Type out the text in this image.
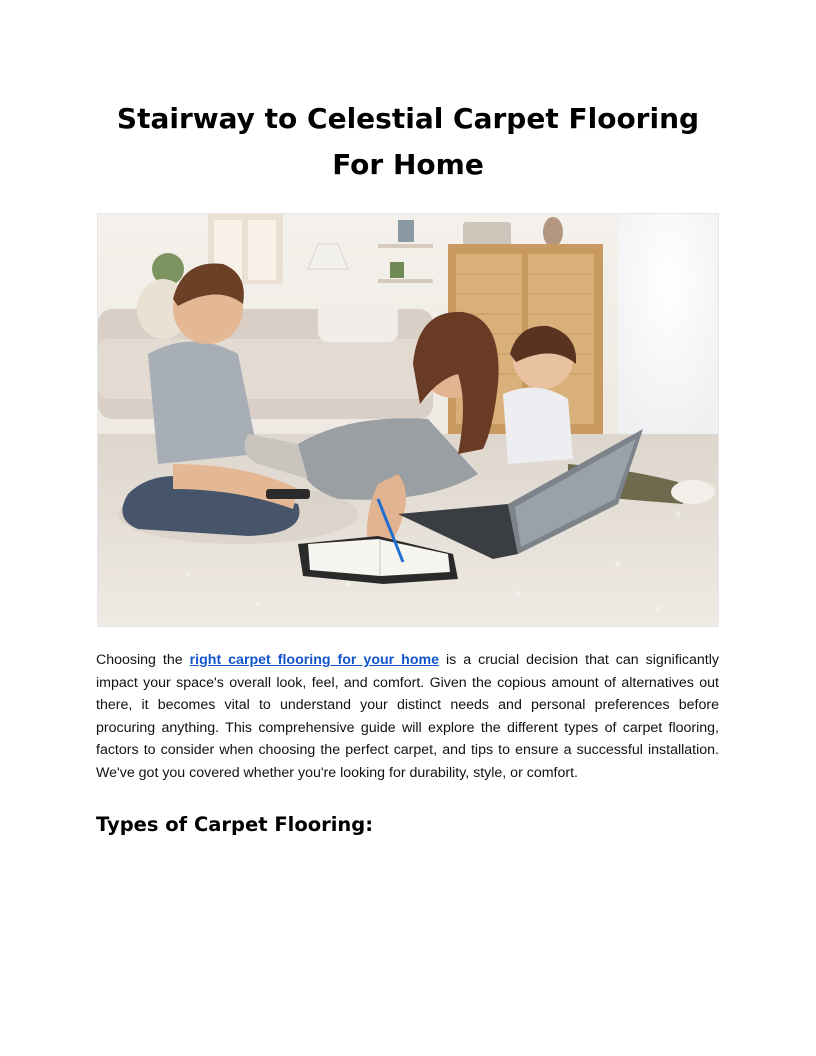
Stairway to Celestial Carpet Flooring For Home

Choosing the right carpet flooring for your home is a crucial decision that can significantly impact your space's overall look, feel, and comfort. Given the copious amount of alternatives out there, it becomes vital to understand your distinct needs and personal preferences before procuring anything. This comprehensive guide will explore the different types of carpet flooring, factors to consider when choosing the perfect carpet, and tips to ensure a successful installation. We've got you covered whether you're looking for durability, style, or comfort.

Types of Carpet Flooring:
